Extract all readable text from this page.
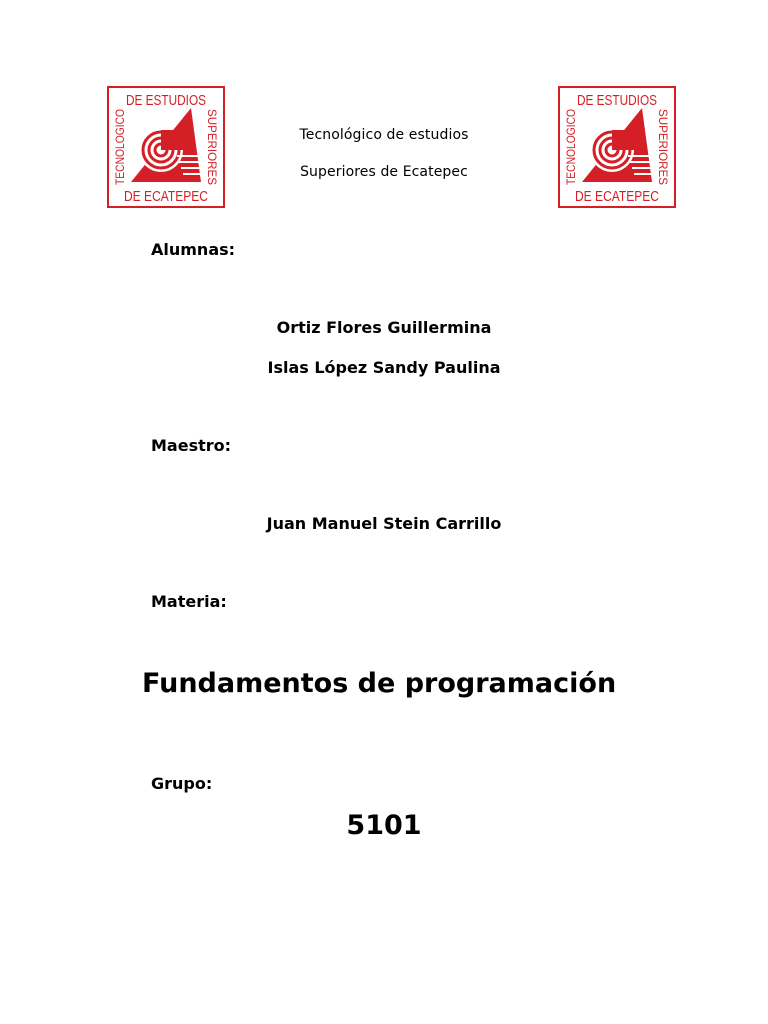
DE ESTUDIOS
DE ECATEPEC
TECNOLOGICO	SUPERIORES
DE ESTUDIOS
DE ECATEPEC
TECNOLOGICO	SUPERIORES
Tecnológico de estudios
Superiores de Ecatepec
Alumnas:
Ortiz Flores Guillermina
Islas López Sandy Paulina
Maestro:
Juan Manuel Stein Carrillo
Materia:
Fundamentos de programación
Grupo:
5101
